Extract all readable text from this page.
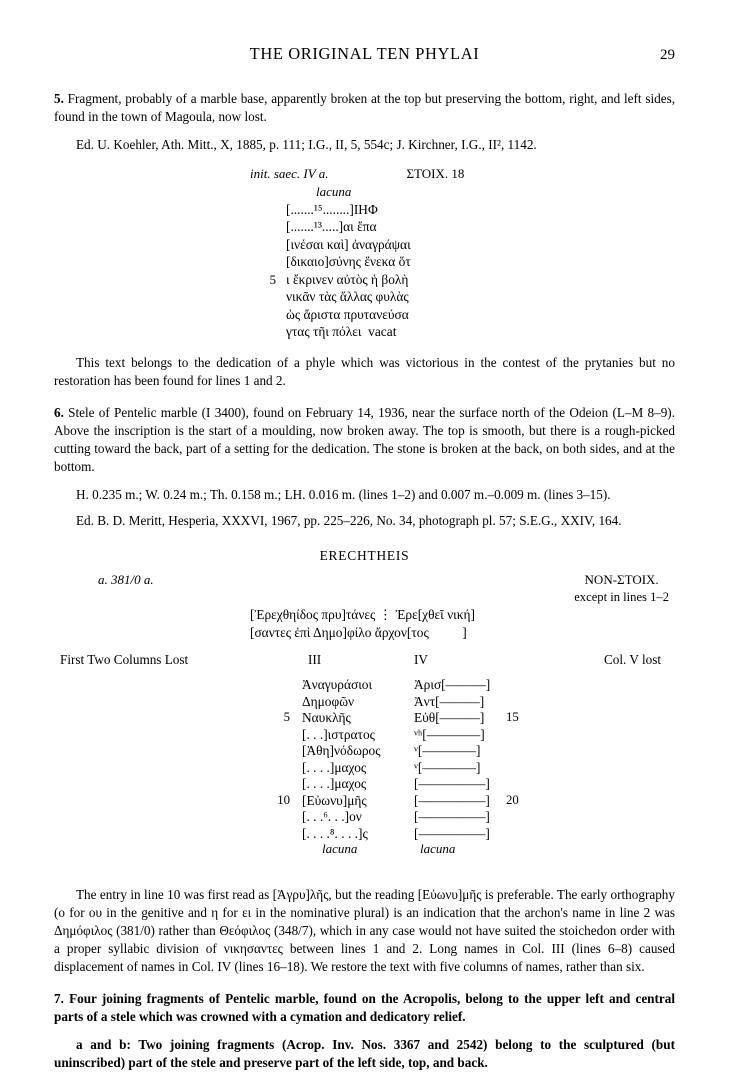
THE ORIGINAL TEN PHYLAI	29

5. Fragment, probably of a marble base, apparently broken at the top but preserving the bottom, right, and left sides, found in the town of Magoula, now lost.

Ed. U. Koehler, Ath. Mitt., X, 1885, p. 111; I.G., II, 5, 554c; J. Kirchner, I.G., II², 1142.

init. saec. IV a.	ΣTOIX. 18
lacuna
[.......¹⁵........]ΙΗΦ
[.......¹³.....]αι ἔπα
[ινέσαι καὶ] ἀναγράψαι
[δικαιο]σύνης ἕνεκα ὅτ
5 ι ἔκρινεν αὐτὸς ἡ βολὴ
νικᾶν τὰς ἄλλας φυλὰς
ὡς ἄριστα πρυτανεύσα
γτας τῆι πόλει  vacat

This text belongs to the dedication of a phyle which was victorious in the contest of the prytanies but no restoration has been found for lines 1 and 2.

6. Stele of Pentelic marble (I 3400), found on February 14, 1936, near the surface north of the Odeion (L–M 8–9). Above the inscription is the start of a moulding, now broken away. The top is smooth, but there is a rough-picked cutting toward the back, part of a setting for the dedication. The stone is broken at the back, on both sides, and at the bottom.

H. 0.235 m.; W. 0.24 m.; Th. 0.158 m.; LH. 0.016 m. (lines 1–2) and 0.007 m.–0.009 m. (lines 3–15).

Ed. B. D. Meritt, Hesperia, XXXVI, 1967, pp. 225–226, No. 34, photograph pl. 57; S.E.G., XXIV, 164.

ERECHTHEIS
a. 381/0 a.	NON-ΣTOIX.
except in lines 1–2
[Ἐρεχθηίδος πρυ]τάνες ⋮ Ἐρε[χθεῖ νική]
[σαντες ἐπὶ Δημο]φίλο ἄρχον[τος          ]
First Two Columns Lost	III	IV	Col. V lost
Ἀναγυράσιοι	Ἀρισ[———]
Δημοφῶν	Ἀντ[———]
5 Ναυκλῆς	Εὐθ[———] 15
[. . .]ιστρατος	ᵛʰ[————]
[Ἀθη]νόδωρος ᵛ[————]
[. . . .]μαχος	ᵛ[————]
[. . . .]μαχος	[—————]
10 [Εὐωνυ]μῆς	[—————] 20
[. . .⁶. . .]ον	[—————]
[. . . .⁸. . . .]ς	[—————]
lacuna	lacuna

The entry in line 10 was first read as [Ἀγρυ]λῆς, but the reading [Εὐωνυ]μῆς is preferable. The early orthography (o for ου in the genitive and η for ει in the nominative plural) is an indication that the archon's name in line 2 was Δημόφιλος (381/0) rather than Θεόφιλος (348/7), which in any case would not have suited the stoichedon order with a proper syllabic division of νικησαντες between lines 1 and 2. Long names in Col. III (lines 6–8) caused displacement of names in Col. IV (lines 16–18). We restore the text with five columns of names, rather than six.

7. Four joining fragments of Pentelic marble, found on the Acropolis, belong to the upper left and central parts of a stele which was crowned with a cymation and dedicatory relief.

a and b: Two joining fragments (Acrop. Inv. Nos. 3367 and 2542) belong to the sculptured (but uninscribed) part of the stele and preserve part of the left side, top, and back.
